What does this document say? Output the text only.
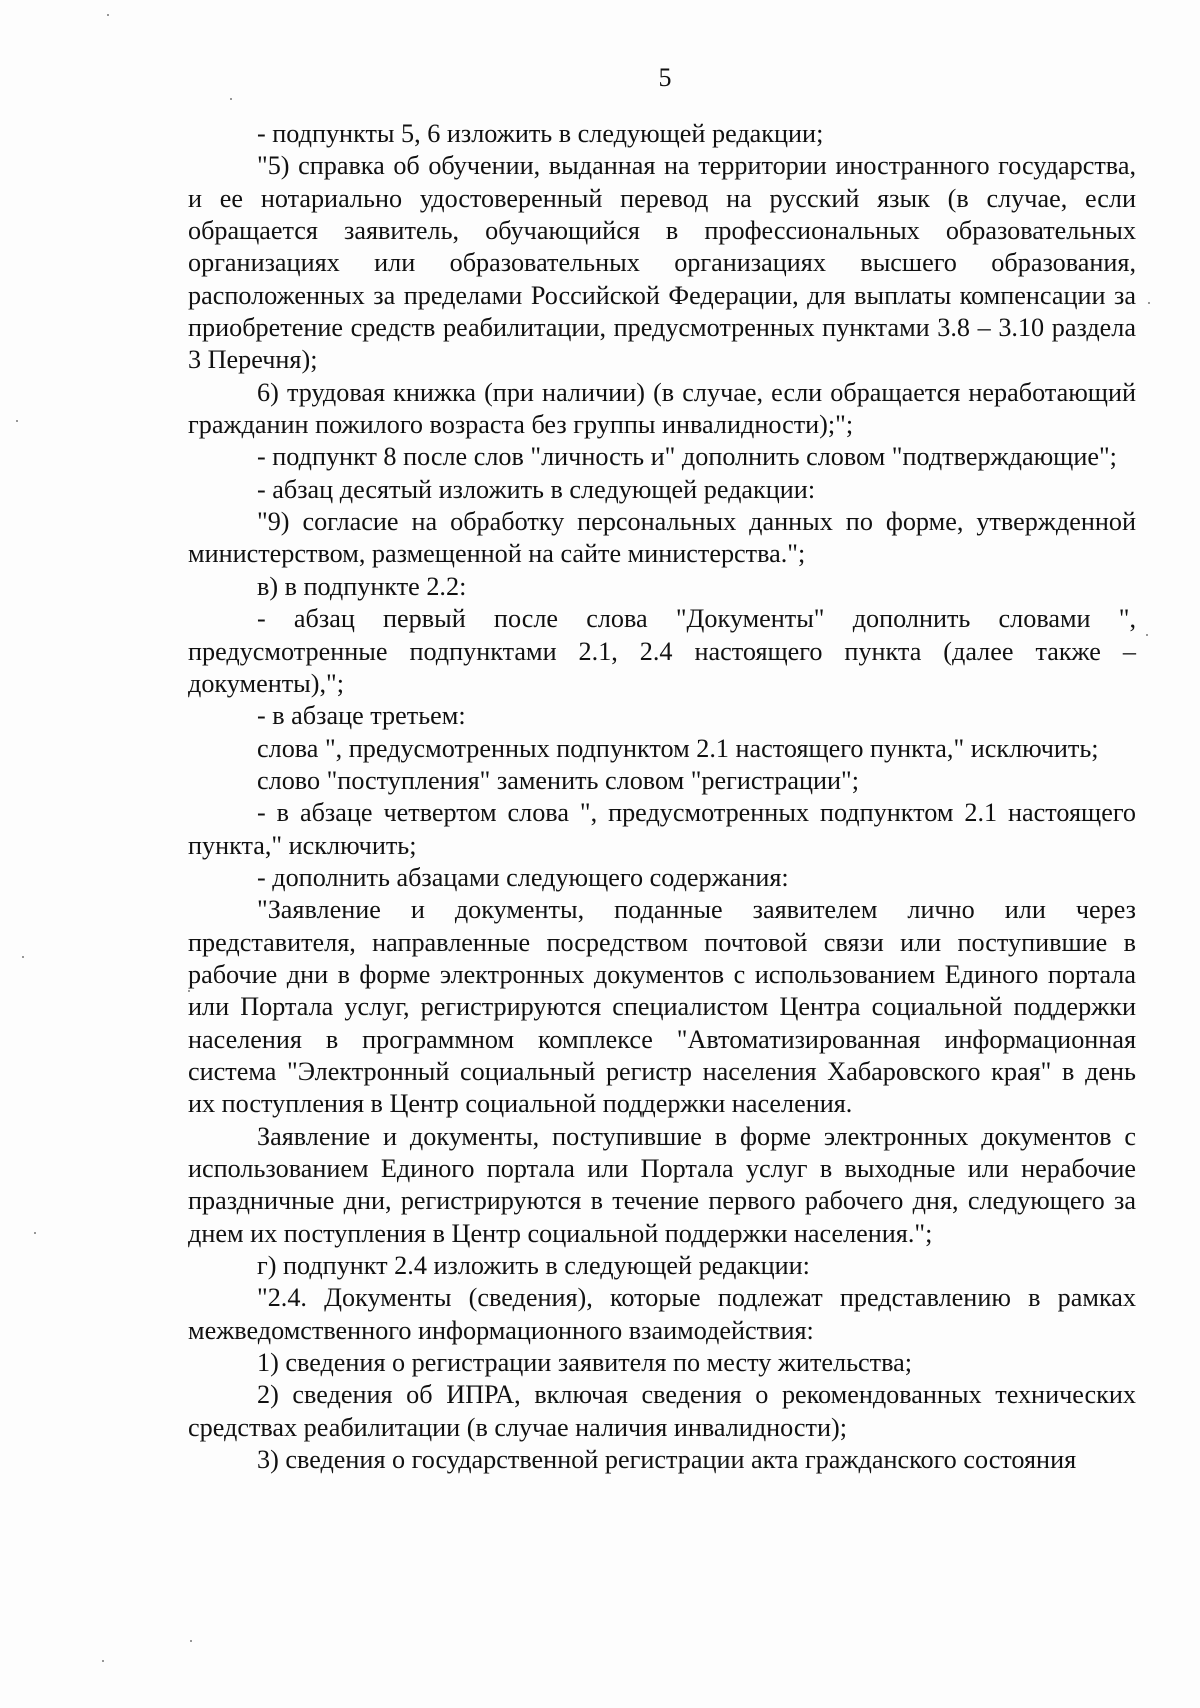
5

- подпункты 5, 6 изложить в следующей редакции;

"5) справка об обучении, выданная на территории иностранного государства, и ее нотариально удостоверенный перевод на русский язык (в случае, если обращается заявитель, обучающийся в профессиональных образовательных организациях или образовательных организациях высшего образования, расположенных за пределами Российской Федерации, для выплаты компенсации за приобретение средств реабилитации, предусмотренных пунктами 3.8 – 3.10 раздела 3 Перечня);

6) трудовая книжка (при наличии) (в случае, если обращается неработающий гражданин пожилого возраста без группы инвалидности);";

- подпункт 8 после слов "личность и" дополнить словом "подтверждающие";

- абзац десятый изложить в следующей редакции:

"9) согласие на обработку персональных данных по форме, утвержденной министерством, размещенной на сайте министерства.";

в) в подпункте 2.2:

- абзац первый после слова "Документы" дополнить словами ", предусмотренные подпунктами 2.1, 2.4 настоящего пункта (далее также – документы),";

- в абзаце третьем:

слова ", предусмотренных подпунктом 2.1 настоящего пункта," исключить;

слово "поступления" заменить словом "регистрации";

- в абзаце четвертом слова ", предусмотренных подпунктом 2.1 настоящего пункта," исключить;

- дополнить абзацами следующего содержания:

"Заявление и документы, поданные заявителем лично или через представителя, направленные посредством почтовой связи или поступившие в рабочие дни в форме электронных документов с использованием Единого портала или Портала услуг, регистрируются специалистом Центра социальной поддержки населения в программном комплексе "Автоматизированная информационная система "Электронный социальный регистр населения Хабаровского края" в день их поступления в Центр социальной поддержки населения.

Заявление и документы, поступившие в форме электронных документов с использованием Единого портала или Портала услуг в выходные или нерабочие праздничные дни, регистрируются в течение первого рабочего дня, следующего за днем их поступления в Центр социальной поддержки населения.";

г) подпункт 2.4 изложить в следующей редакции:

"2.4. Документы (сведения), которые подлежат представлению в рамках межведомственного информационного взаимодействия:

1) сведения о регистрации заявителя по месту жительства;

2) сведения об ИПРА, включая сведения о рекомендованных технических средствах реабилитации (в случае наличия инвалидности);

3) сведения о государственной регистрации акта гражданского состояния
